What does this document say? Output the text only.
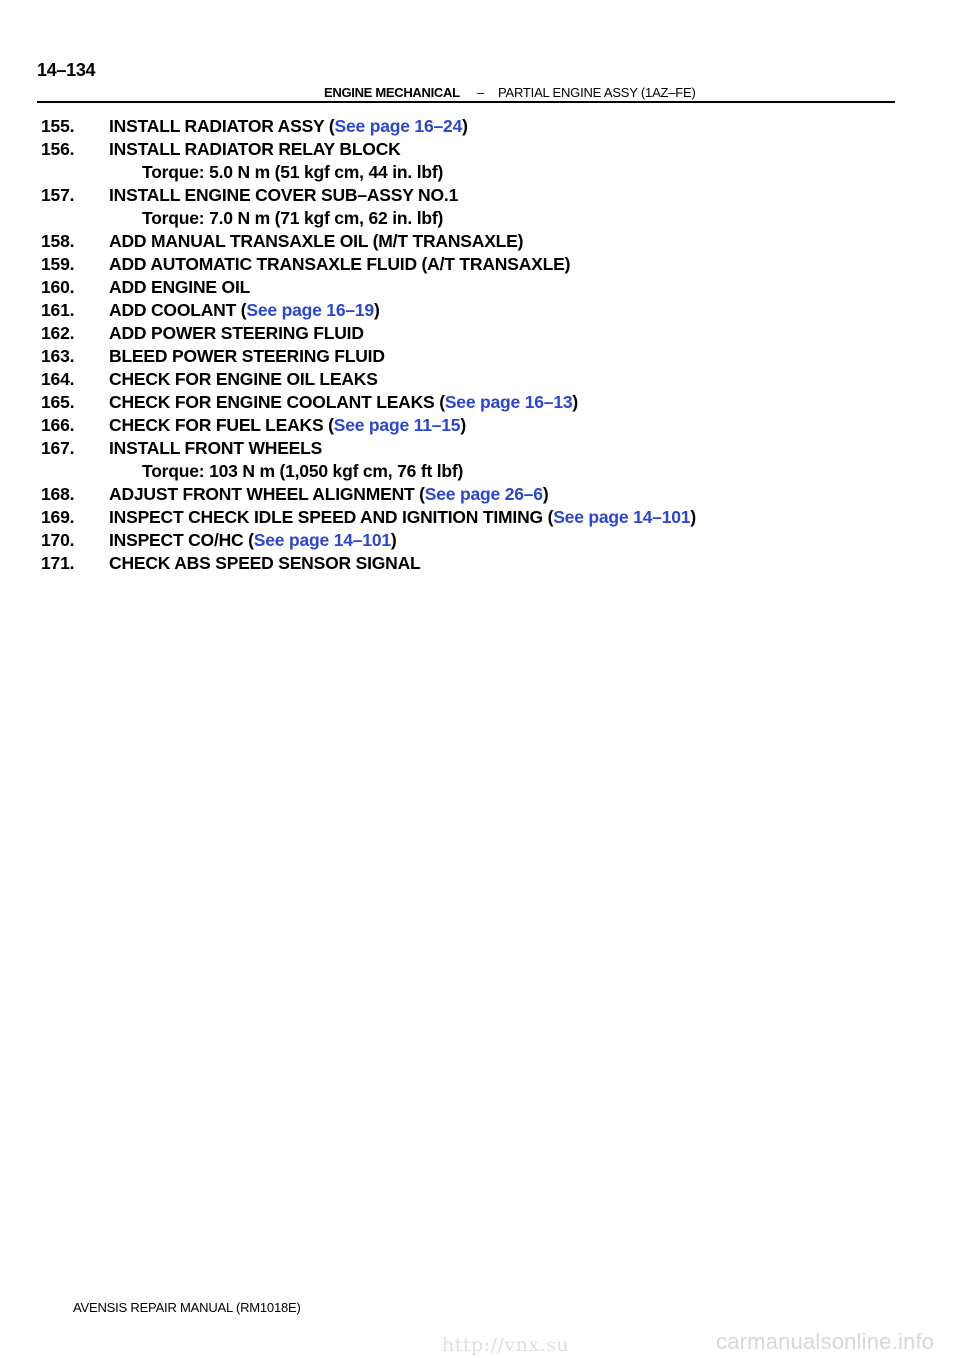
14–134
ENGINE MECHANICAL – PARTIAL ENGINE ASSY (1AZ–FE)
155. INSTALL RADIATOR ASSY (See page 16–24)
156. INSTALL RADIATOR RELAY BLOCK
Torque: 5.0 N m (51 kgf cm, 44 in. lbf)
157. INSTALL ENGINE COVER SUB–ASSY NO.1
Torque: 7.0 N m (71 kgf cm, 62 in. lbf)
158. ADD MANUAL TRANSAXLE OIL (M/T TRANSAXLE)
159. ADD AUTOMATIC TRANSAXLE FLUID (A/T TRANSAXLE)
160. ADD ENGINE OIL
161. ADD COOLANT (See page 16–19)
162. ADD POWER STEERING FLUID
163. BLEED POWER STEERING FLUID
164. CHECK FOR ENGINE OIL LEAKS
165. CHECK FOR ENGINE COOLANT LEAKS (See page 16–13)
166. CHECK FOR FUEL LEAKS (See page 11–15)
167. INSTALL FRONT WHEELS
Torque: 103 N m (1,050 kgf cm, 76 ft lbf)
168. ADJUST FRONT WHEEL ALIGNMENT (See page 26–6)
169. INSPECT CHECK IDLE SPEED AND IGNITION TIMING (See page 14–101)
170. INSPECT CO/HC (See page 14–101)
171. CHECK ABS SPEED SENSOR SIGNAL
AVENSIS REPAIR MANUAL (RM1018E)
http://vnx.su	carmanualsonline.info
